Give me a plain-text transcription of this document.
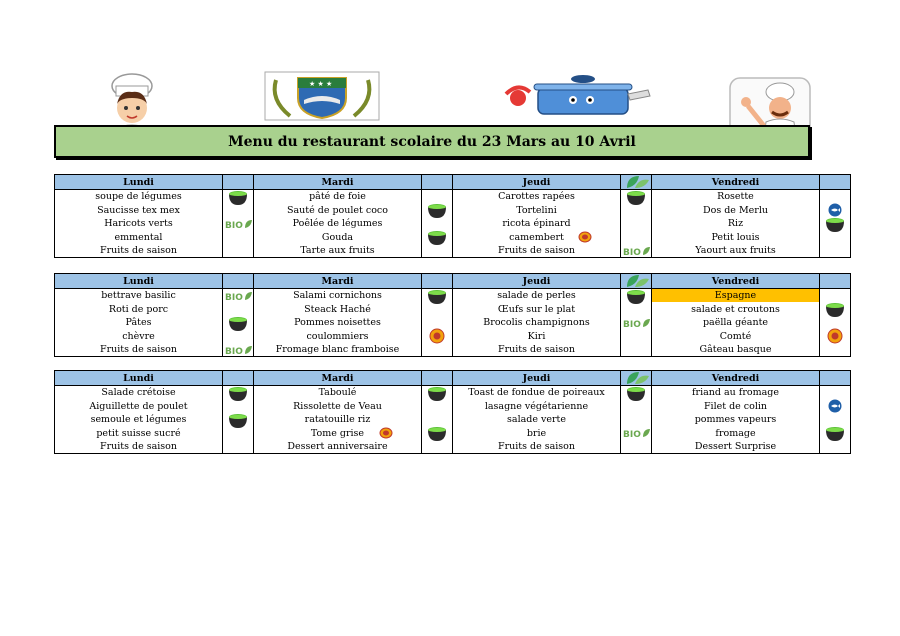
★ ★ ★
Menu du restaurant scolaire du 23 Mars au 10 Avril
Lundi		Mardi		Jeudi		Vendredi	
soupe de légumes		pâté de foie		Carottes rapées		Rosette	
Saucisse tex mex		Sauté de poulet coco		Tortelini		Dos de Merlu	

Haricots verts	BIO	Poêlée de légumes		ricota épinard		Riz	

emmental		Gouda		camembert		Petit louis	
Fruits de saison		Tarte aux fruits		Fruits de saison	BIO	Yaourt aux fruits	
Lundi		Mardi		Jeudi		Vendredi	
bettrave basilic	BIO	Salami cornichons		salade de perles		Espagne	
Roti de porc		Steack Haché		Œufs sur le plat		salade et croutons	

Pâtes		Pommes noisettes		Brocolis champignons	BIO	paëlla géante	
chèvre		coulommiers		Kiri		Comté	

Fruits de saison	BIO	Fromage blanc framboise		Fruits de saison		Gâteau basque	
Lundi		Mardi		Jeudi		Vendredi	
Salade crétoise		Taboulé		Toast de fondue de poireaux		friand au fromage	
Aiguillette de poulet		Rissolette de Veau		lasagne végétarienne		Filet de colin	

semoule et légumes		ratatouille riz		salade verte		pommes vapeurs	
petit suisse sucré		Tome grise		brie	BIO	fromage	

Fruits de saison		Dessert anniversaire		Fruits de saison		Dessert Surprise	
